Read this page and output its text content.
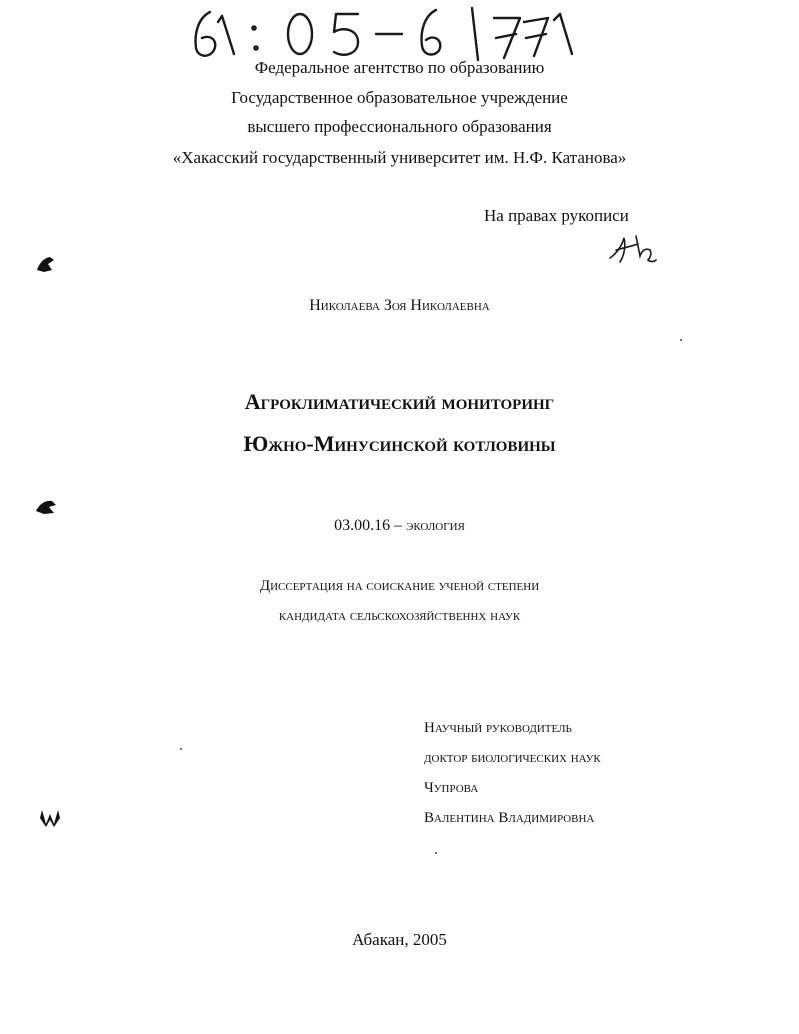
Федеральное агентство по образованию
Государственное образовательное учреждение
высшего профессионального образования
«Хакасский государственный университет им. Н.Ф. Катанова»
На правах рукописи
Николаева Зоя Николаевна
Агроклиматический мониторинг
Южно-Минусинской котловины
03.00.16 – экология
Диссертация на соискание ученой степени
кандидата сельскохозяйственнх наук
Научный руководитель
доктор биологических наук
Чупрова
Валентина Владимировна
Абакан, 2005
